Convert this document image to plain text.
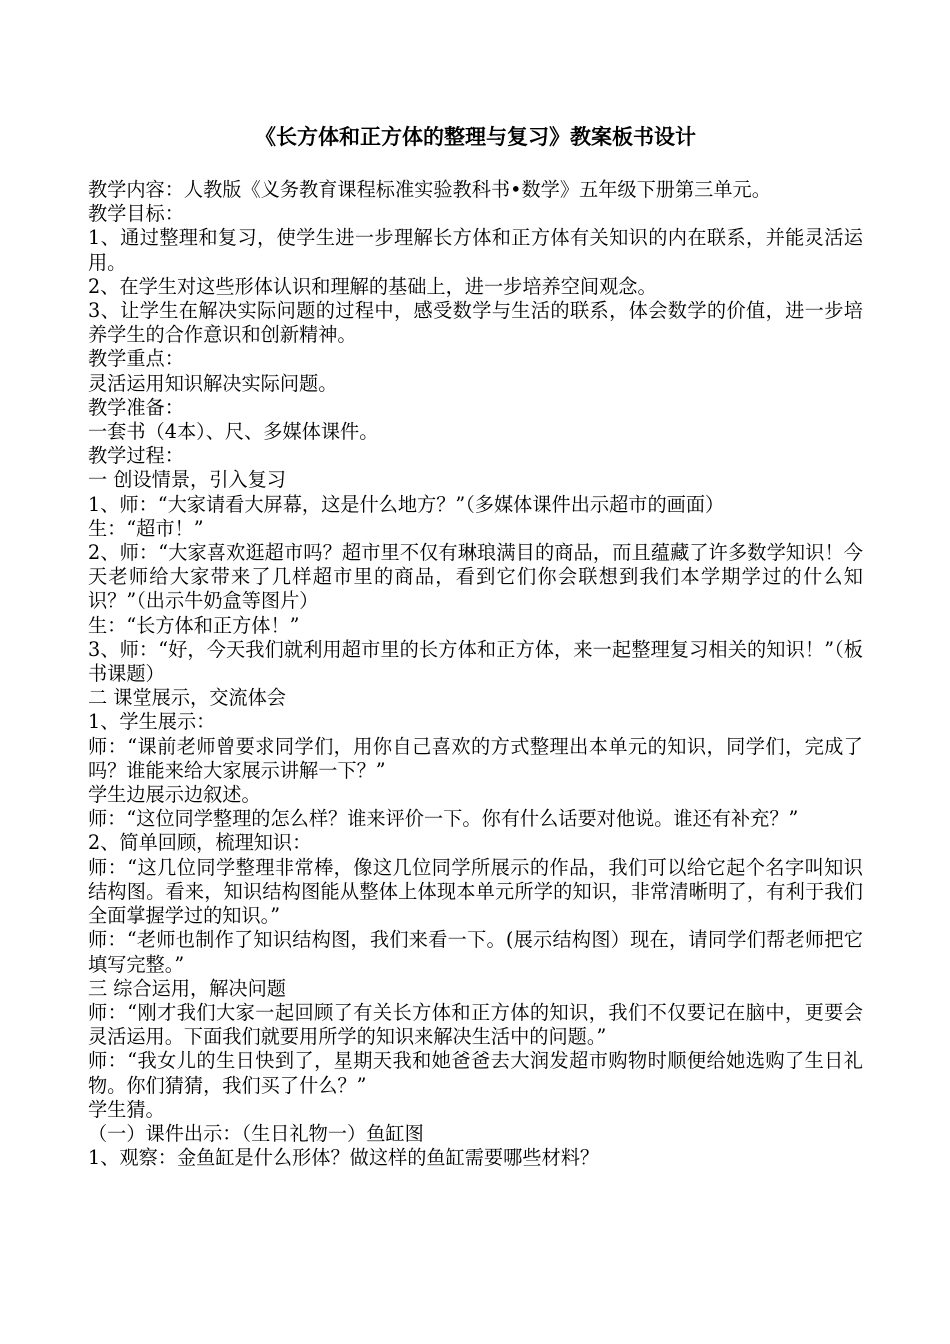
《长方体和正方体的整理与复习》教案板书设计

教学内容：人教版《义务教育课程标准实验教科书•数学》五年级下册第三单元。

教学目标：

1、通过整理和复习，使学生进一步理解长方体和正方体有关知识的内在联系，并能灵活运用。

2、在学生对这些形体认识和理解的基础上，进一步培养空间观念。

3、让学生在解决实际问题的过程中，感受数学与生活的联系，体会数学的价值，进一步培养学生的合作意识和创新精神。

教学重点：

灵活运用知识解决实际问题。

教学准备：

一套书（4本）、尺、多媒体课件。

教学过程：

一 创设情景，引入复习

1、师：“大家请看大屏幕，这是什么地方？”（多媒体课件出示超市的画面）

生：“超市！”

2、师：“大家喜欢逛超市吗？超市里不仅有琳琅满目的商品，而且蕴藏了许多数学知识！今天老师给大家带来了几样超市里的商品，看到它们你会联想到我们本学期学过的什么知识？”（出示牛奶盒等图片）

生：“长方体和正方体！”

3、师：“好，今天我们就利用超市里的长方体和正方体，来一起整理复习相关的知识！”（板书课题）

二 课堂展示，交流体会

1、学生展示：

师：“课前老师曾要求同学们，用你自己喜欢的方式整理出本单元的知识，同学们，完成了吗？谁能来给大家展示讲解一下？”

学生边展示边叙述。

师：“这位同学整理的怎么样？谁来评价一下。你有什么话要对他说。谁还有补充？”

2、简单回顾，梳理知识：

师：“这几位同学整理非常棒，像这几位同学所展示的作品，我们可以给它起个名字叫知识结构图。看来，知识结构图能从整体上体现本单元所学的知识，非常清晰明了，有利于我们全面掌握学过的知识。”

师：“老师也制作了知识结构图，我们来看一下。(展示结构图）现在，请同学们帮老师把它填写完整。”

三 综合运用，解决问题

师：“刚才我们大家一起回顾了有关长方体和正方体的知识，我们不仅要记在脑中，更要会灵活运用。下面我们就要用所学的知识来解决生活中的问题。”

师：“我女儿的生日快到了，星期天我和她爸爸去大润发超市购物时顺便给她选购了生日礼物。你们猜猜，我们买了什么？”

学生猜。

（一）课件出示：（生日礼物一）鱼缸图

1、观察：金鱼缸是什么形体？做这样的鱼缸需要哪些材料？
